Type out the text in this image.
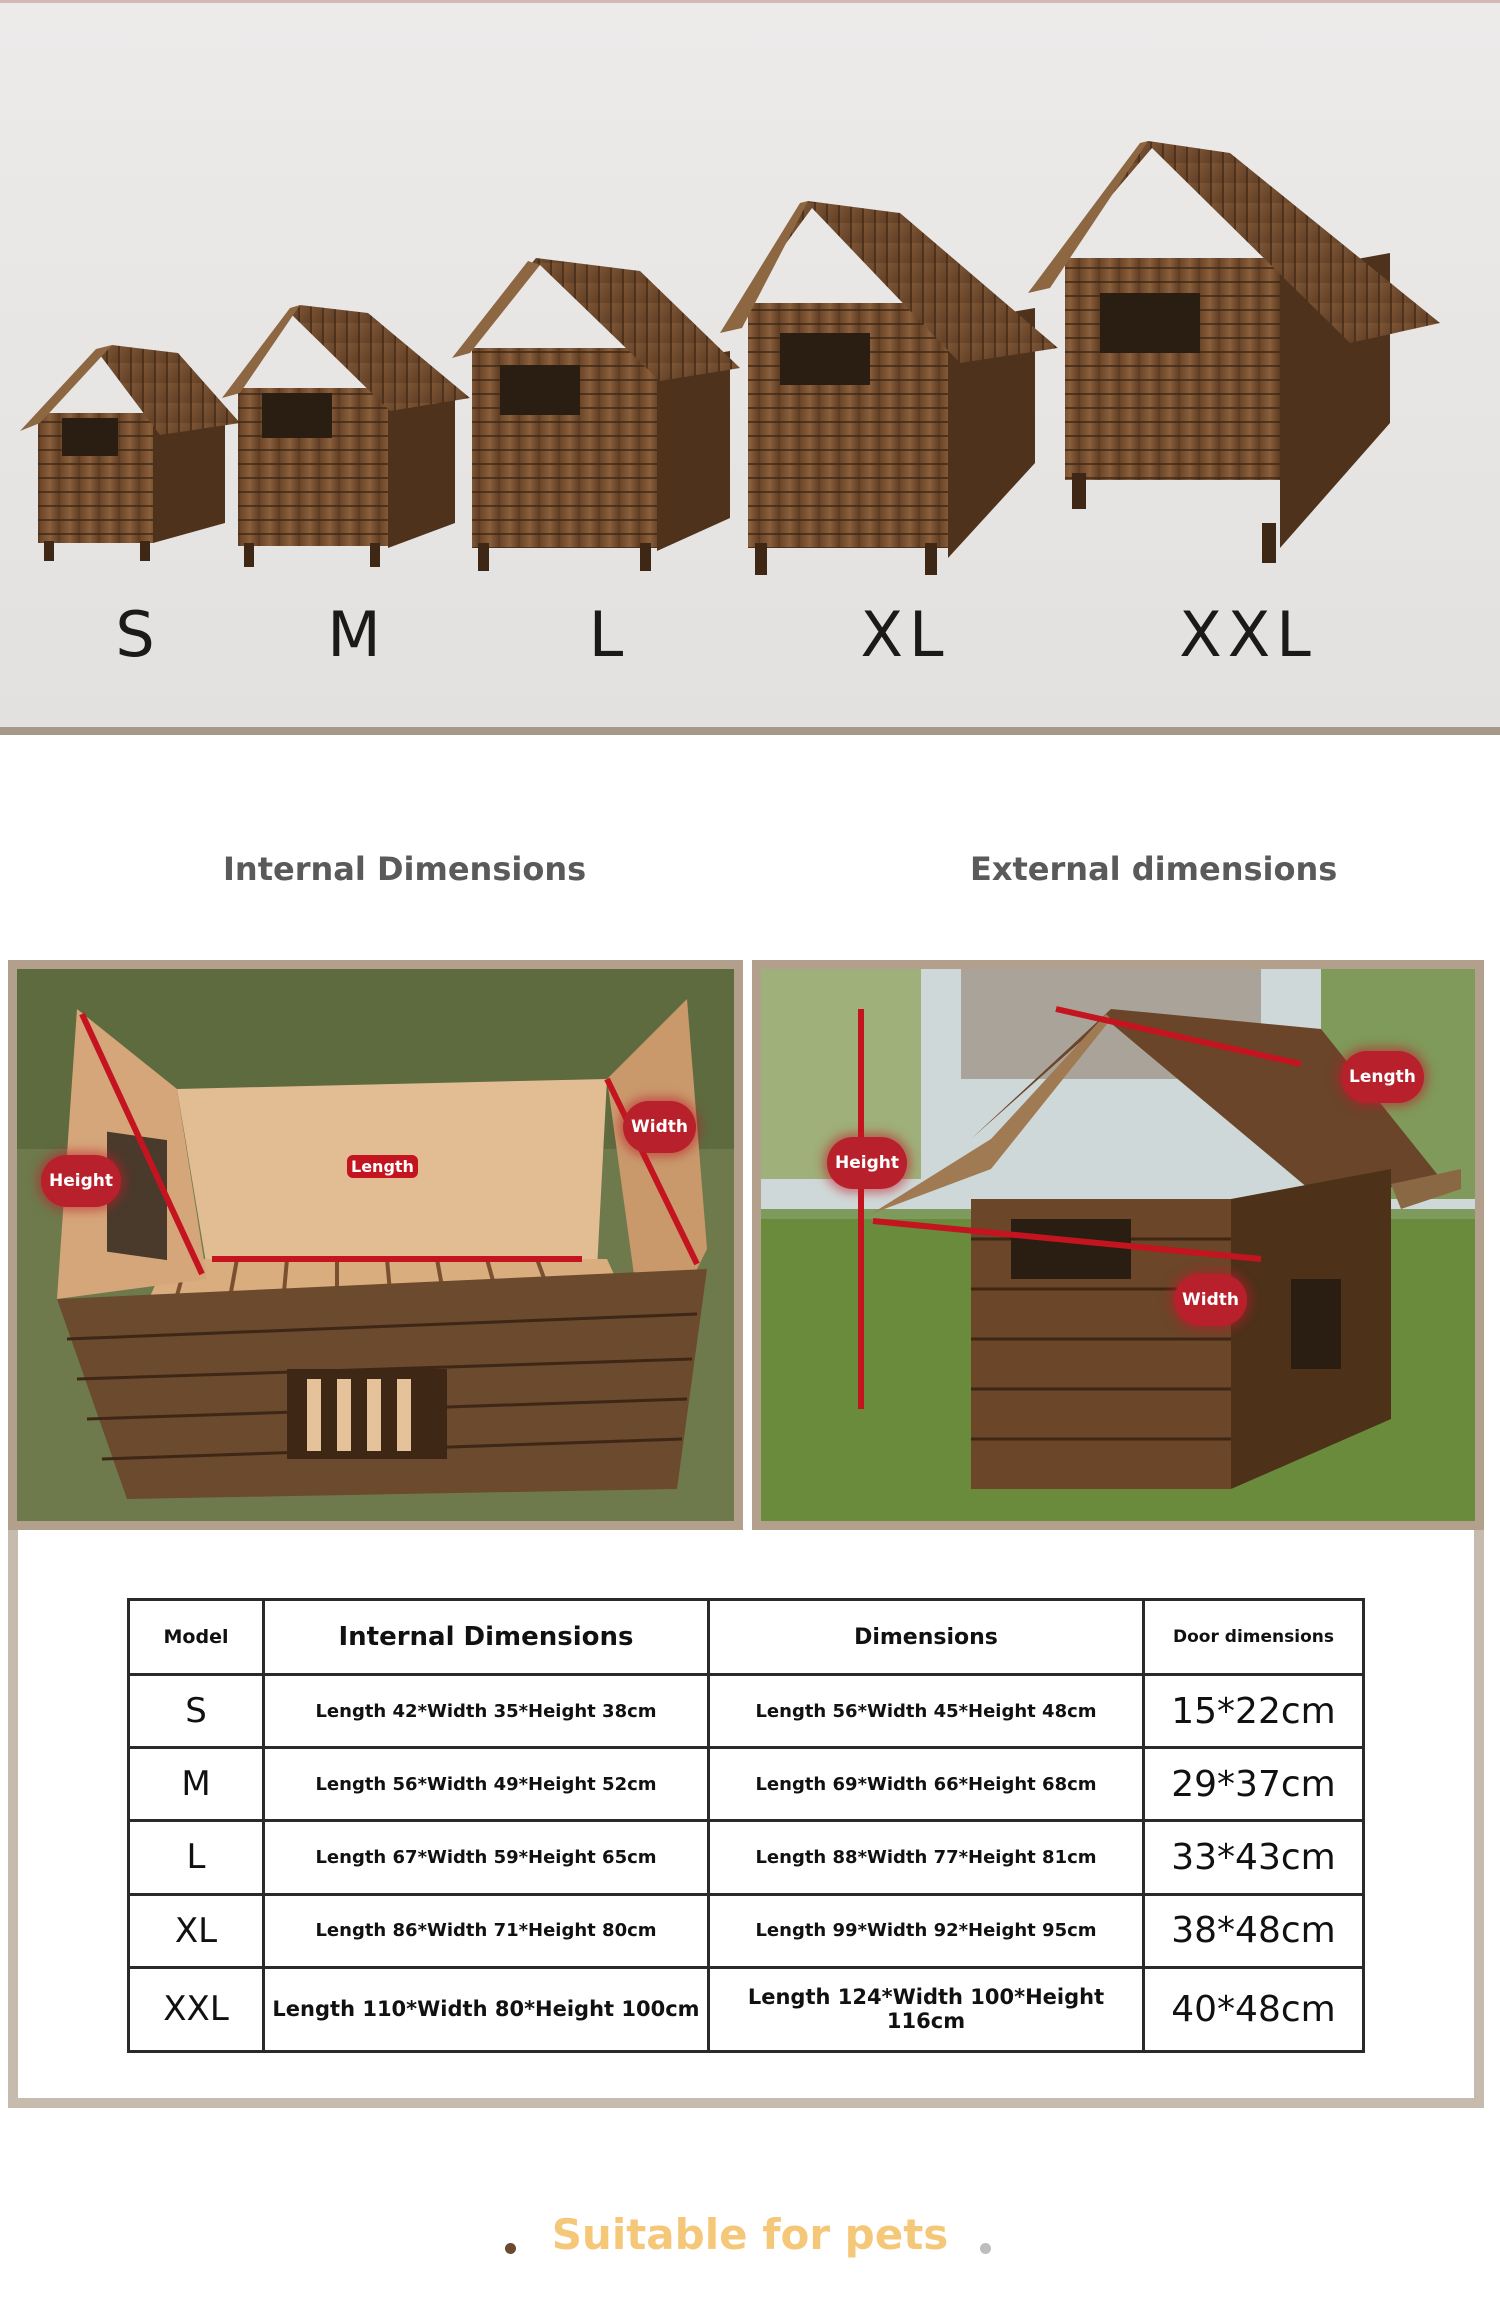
S	M	L	XL	XXL
Internal Dimensions	External dimensions
Height
Length
Width
Height
Length
Width
Model	Internal Dimensions	Dimensions	Door dimensions
S	Length 42*Width 35*Height 38cm	Length 56*Width 45*Height 48cm	15*22cm
M	Length 56*Width 49*Height 52cm	Length 69*Width 66*Height 68cm	29*37cm
L	Length 67*Width 59*Height 65cm	Length 88*Width 77*Height 81cm	33*43cm
XL	Length 86*Width 71*Height 80cm	Length 99*Width 92*Height 95cm	38*48cm
XXL	Length 110*Width 80*Height 100cm	Length 124*Width 100*Height 116cm	40*48cm
Suitable for pets
